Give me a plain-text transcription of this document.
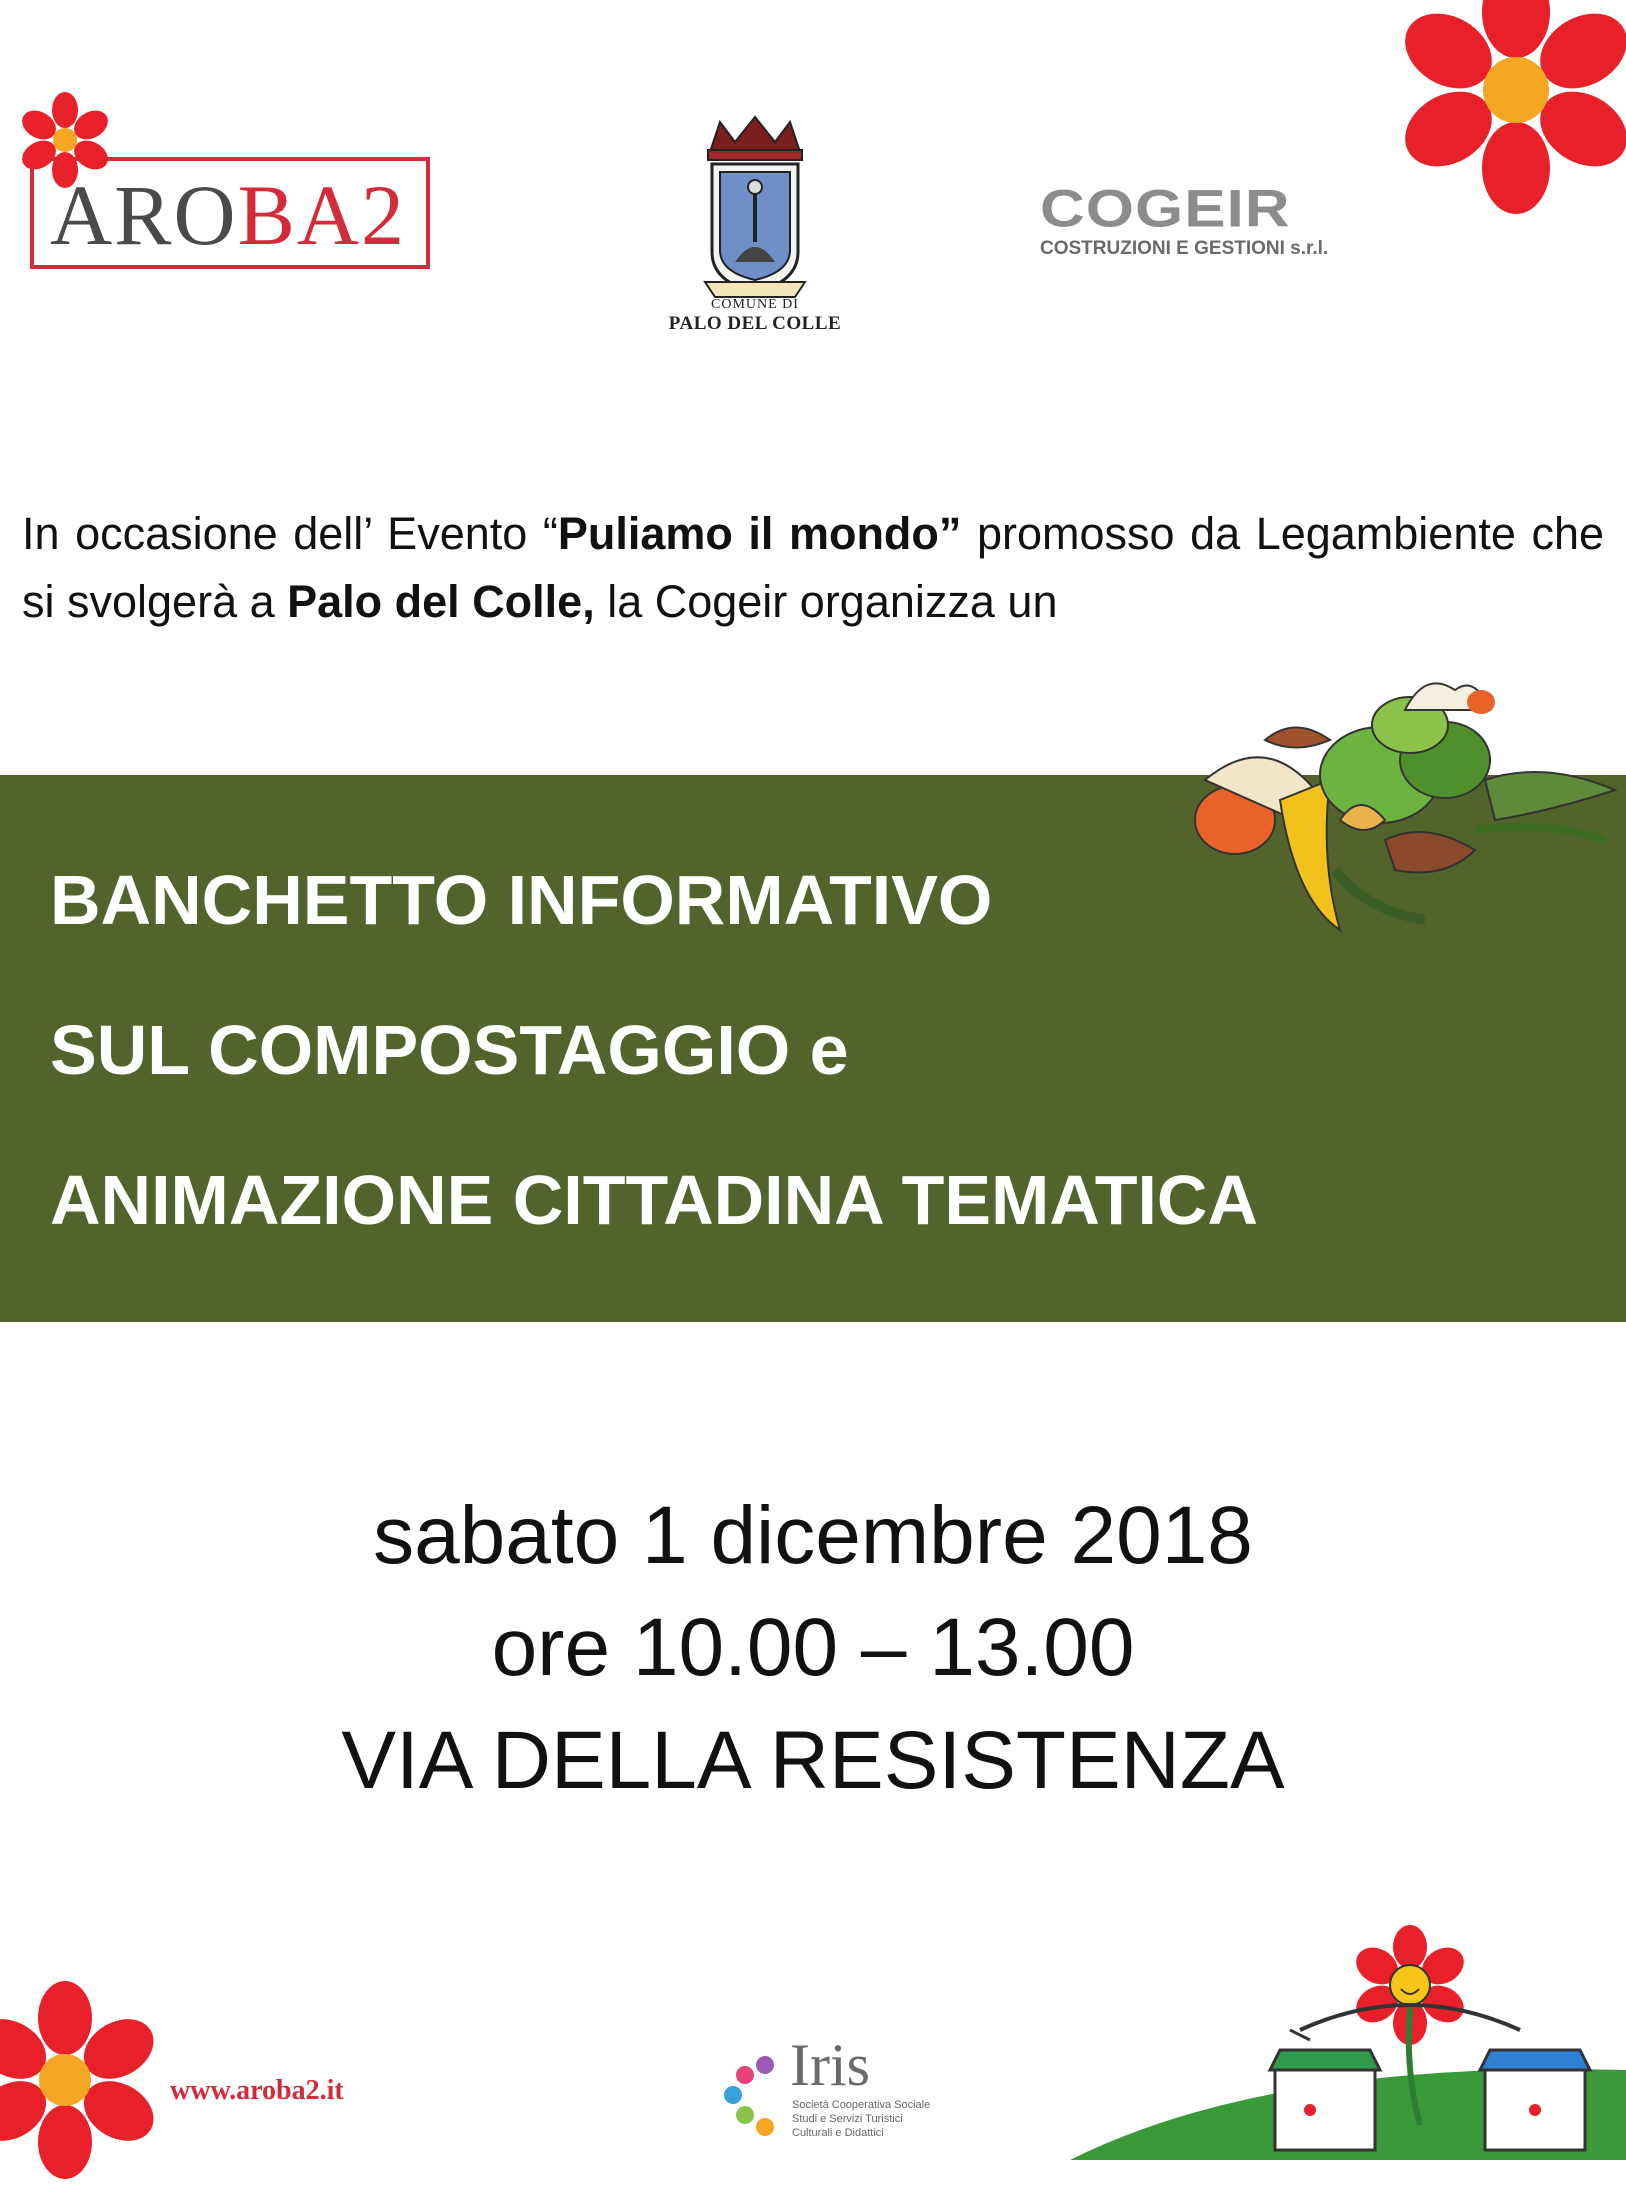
AROBA2
COMUNE DI
PALO DEL COLLE
COGEIR
COSTRUZIONI E GESTIONI s.r.l.
In occasione dell’ Evento “Puliamo il mondo” promosso da Legambiente che si svolgerà a Palo del Colle, la Cogeir organizza un
BANCHETTO INFORMATIVO
SUL COMPOSTAGGIO e
ANIMAZIONE CITTADINA TEMATICA
sabato 1 dicembre 2018
ore 10.00 – 13.00
VIA DELLA RESISTENZA
www.aroba2.it	Iris
Società Cooperativa Sociale
Studi e Servizi Turistici
Culturali e Didattici
